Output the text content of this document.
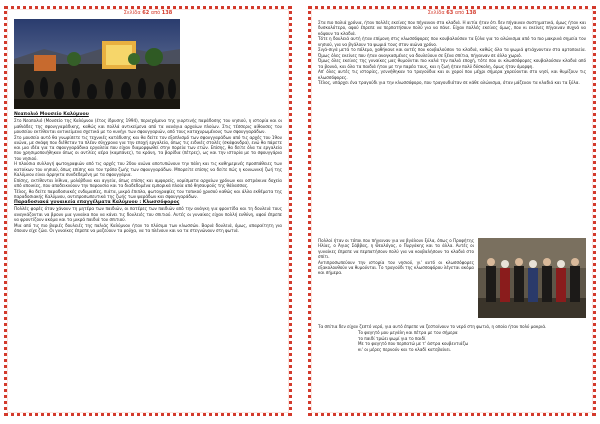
Σελίδα 62 από 138
Νεαπολιό Μουσείο Καλύμνου

Στο Νεαπολιό (Μουσείο της Καλύμνου (έτος ίδρυσης 1994), περιεχόμενα της γιορτινής παράδοσης του νησιού, η ιστορία και οι μαθιάδες της σφουγγαράδικης, καθώς και πολλά αντικείμενα από τα ναυάγια αρχαίων πλοίων. Στις τέσσερις αίθουσες του μουσείου εκτίθενται αντικείμενα σχετικά με το κυνήγι των σφουγγαριών, από τους κατοχυρωμένους των σφουγγαράδων.

Στο μουσείο αυτό θα γνωρίσετε τις τεχνικές κατάδυσης και θα δείτε τον εξοπλισμό των σφουγγαράδων από τις αρχές του 19ου αιώνα, με σκάφη που διέθεταν τα πλέον σύγχρονα για την εποχή εργαλεία, όπως τις ειδικές στολές (σκάφανδρα), ενώ θα πάρετε και μια ιδέα για τα σφουγγαράδικα εργαλεία που είχαν διαμορφωθεί στην πορεία των ετών. Επίσης, θα δείτε όλα τα εργαλεία που χρησιμοποιήθηκαν όπως οι αντλίες αέρα (καμπάνες), τα κράνη, τα βαρίδια (πέτρες), ως και την ιστορία με τα σφουγγάρια του νησιού.

Η πλούσια συλλογή φωτογραφιών από τις αρχές του 20ου αιώνα αποτυπώνουν την πάλη και τις καθημερινές προσπάθειες των κατοίκων του νησιού, όπως επίσης και τον τρόπο ζωής των σφουγγαράδων. Μπορείτε επίσης να δείτε πώς η κοινωνική ζωή της Καλύμνου είναι άρρηκτα συνδεδεμένη με τα σφουγγάρια.

Επίσης, εκτίθενται λίθινα, μολύβδινα και αγγεία, όπως επίσης και αμφορείς, νομίσματα αρχαίων χρόνων και οστράκινα δοχεία από αποικίες, που αποδεικνύουν την παρουσία και τα διαδεδομένα εμπορικά πλοία από θησαυρούς της θάλασσας.

Τέλος, θα δείτε παραδοσιακές ενδυμασίες, πιάτα, μικρά έπιπλα, φωτογραφίες του τοπικού χρυσού καθώς και άλλα εκθέματα της παραδοσιακής Καλύμνου, αντιπροσωπευτικά της ζωής των ψαράδων και σφουγγαράδων.

Παραδοσιακά γυναικεία επαγγέλματα Καλύμνου : Κλωσσόφορος

Πολλές φορές όταν χάνουν τη μητέρα των παιδιών, οι πατέρες των παιδιών από την ανάγκη για φροντίδα και τη δουλειά τους αναγκάζονται να βρουν μια γυναίκα που να κάνει τις δουλειές του σπιτιού. Αυτές οι γυναίκες είχαν πολλή ευθύνη, αφού έπρεπε να φροντίζουν ακόμα και τα μικρά παιδιά του σπιτιού.

Μια από τις πιο βαριές δουλειές της παλιάς Καλύμνου ήταν το πλύσιμο των κλωσσών. Βαριά δουλειά, όμως, απαραίτητη για όποιον είχε ζώα. Οι γυναίκες έπρεπε να μαζεύουν τα ρούχα, να τα πλένουν και να τα στεγνώνουν στη φωτιά.

Σελίδα 63 από 138

Στα πιο παλιά χρόνια, ήταν πολλές εκείνες που πήγαιναν στα κλαδιά. Η αιτία ήταν ότι δεν πήγαιναν συστηματικά, όμως ήταν και δυσκολότερο, αφού έπρεπε να περπατήσουν πολύ για να πάνε. Είχαν πολλές εκείνες όμως, που κι εκείνες πήγαιναν συχνά να κόψουν τα κλαδιά.

Τότε η δουλειά αυτή ήταν επίμονη στις κλωσσόφορες που κουβαλούσαν τα ξύλα για το αλώνισμα από τα πιο μακρινά σημεία του νησιού, για να βγάλουν τα ψωμιά τους στον αιώνα χρόνο.

Σιγά-σιγά μετά το πόλεμο, χαθήκανε και αυτές που κουβαλούσαν τα κλαδιά, καθώς όλα τα ψωμιά φτιάχνονταν στα αρτοποιεία. Όμως όλες εκείνες που ήταν αναγκασμένες να δουλεύουν σε ξένα σπίτια, πήγαιναν σε άλλο χωριό.

Όμως όλες εκείνες της γυναίκες μας θυμούνται πιο καλά την παλιά εποχή, τότε που οι κλωσσόφορες κουβαλούσαν κλαδιά από τα βουνά, και όλα τα παιδιά ήταν με την παρέα τους, και η ζωή ήταν πολύ δύσκολη, όμως ήταν όμορφη.

Απ' όλες αυτές τις ιστορίες, γεννήθηκαν τα τραγούδια και οι χοροί που μέχρι σήμερα χορεύονται στο νησί, και θυμίζουν τις κλωσσόφορες.

Τέλος, υπάρχει ένα τραγούδι για την κλωσσόφορο, που τραγουδιόταν σε κάθε αλώνισμα, όταν μάζευαν τα κλαδιά και τα ξύλα.

Πολλοί ήταν οι τόποι που πήγαιναν για να βγάλουν ξύλα, όπως ο Προφήτης Ηλίας, ο Άγιος Σάββας, η Θεολόγος, ο Πυργάκης και τα άλλα. Αυτές οι γυναίκες έπρεπε να περπατήσουν πολύ για να κουβαλήσουν τα κλαδιά στο σπίτι.

Αντιπροσωπεύουν την ιστορία του νησιού, γι' αυτό οι κλωσσόφορες εξακολουθούν να θυμούνται. Το τραγούδι της κλωσσοφόρου λέγεται ακόμα και σήμερα.

Τα σπίτια δεν είχαν ζεστό νερό, για αυτό έπρεπε να ζεσταίνουν το νερό στη φωτιά, η οποία ήταν πολύ μακριά.

Το φαγητό μου μεγάλη και πέτρα με του σήμερα

το παιδί τρώει ψωμί για το παιδί

Με το φαγητό που περπατώ με τ' άστρα κουβεντιάζω

κι' οι μέρες περνούν και το κλαδί κατεβαίνει.
